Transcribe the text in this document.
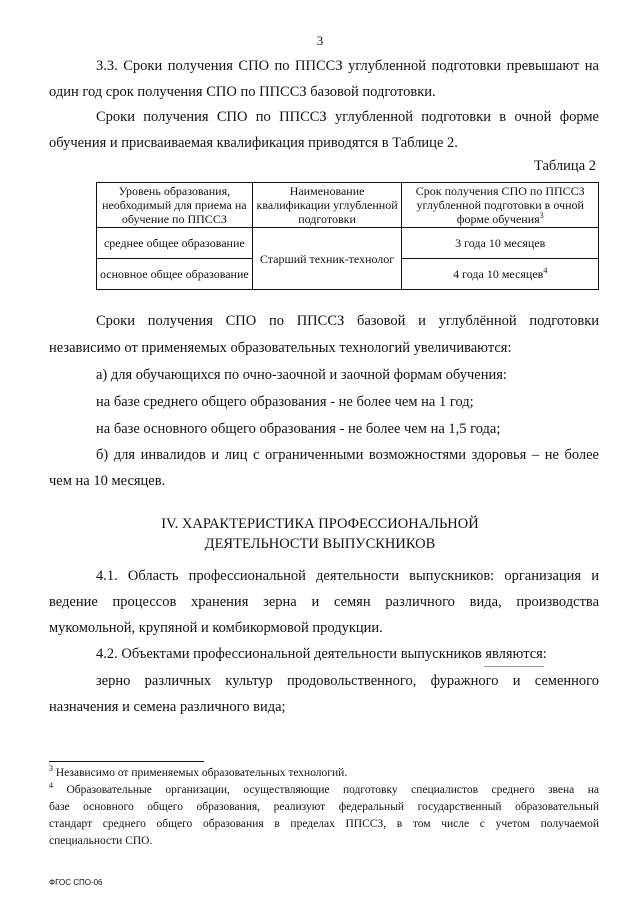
3
3.3. Сроки получения СПО по ППССЗ углубленной подготовки превышают на
один год срок получения СПО по ППССЗ базовой подготовки.
Сроки получения СПО по ППССЗ углубленной подготовки в очной форме
обучения и присваиваемая квалификация приводятся в Таблице 2.
Таблица 2
Уровень образования, необходимый для приема на обучение по ППССЗ	Наименование квалификации углубленной подготовки	Срок получения СПО по ППССЗ углубленной подготовки в очной форме обучения$^3$
среднее общее образование	Старший техник-технолог	3 года 10 месяцев
основное общее образование		4 года 10 месяцев$^4$
Сроки получения СПО по ППССЗ базовой и углублённой подготовки
независимо от применяемых образовательных технологий увеличиваются:
а) для обучающихся по очно-заочной и заочной формам обучения:
на базе среднего общего образования - не более чем на 1 год;
на базе основного общего образования - не более чем на 1,5 года;
б) для инвалидов и лиц с ограниченными возможностями здоровья – не более
чем на 10 месяцев.
IV. ХАРАКТЕРИСТИКА ПРОФЕССИОНАЛЬНОЙ
ДЕЯТЕЛЬНОСТИ ВЫПУСКНИКОВ
4.1. Область профессиональной деятельности выпускников: организация и
ведение процессов хранения зерна и семян различного вида, производства
мукомольной, крупяной и комбикормовой продукции.
4.2. Объектами профессиональной деятельности выпускников являются:
зерно различных культур продовольственного, фуражного и семенного
назначения и семена различного вида;
$^3$ Независимо от применяемых образовательных технологий.
$^4$ Образовательные организации, осуществляющие подготовку специалистов среднего звена на
базе основного общего образования, реализуют федеральный государственный образовательный
стандарт среднего общего образования в пределах ППССЗ, в том числе с учетом получаемой
специальности СПО.
ФГОС СПО-06
